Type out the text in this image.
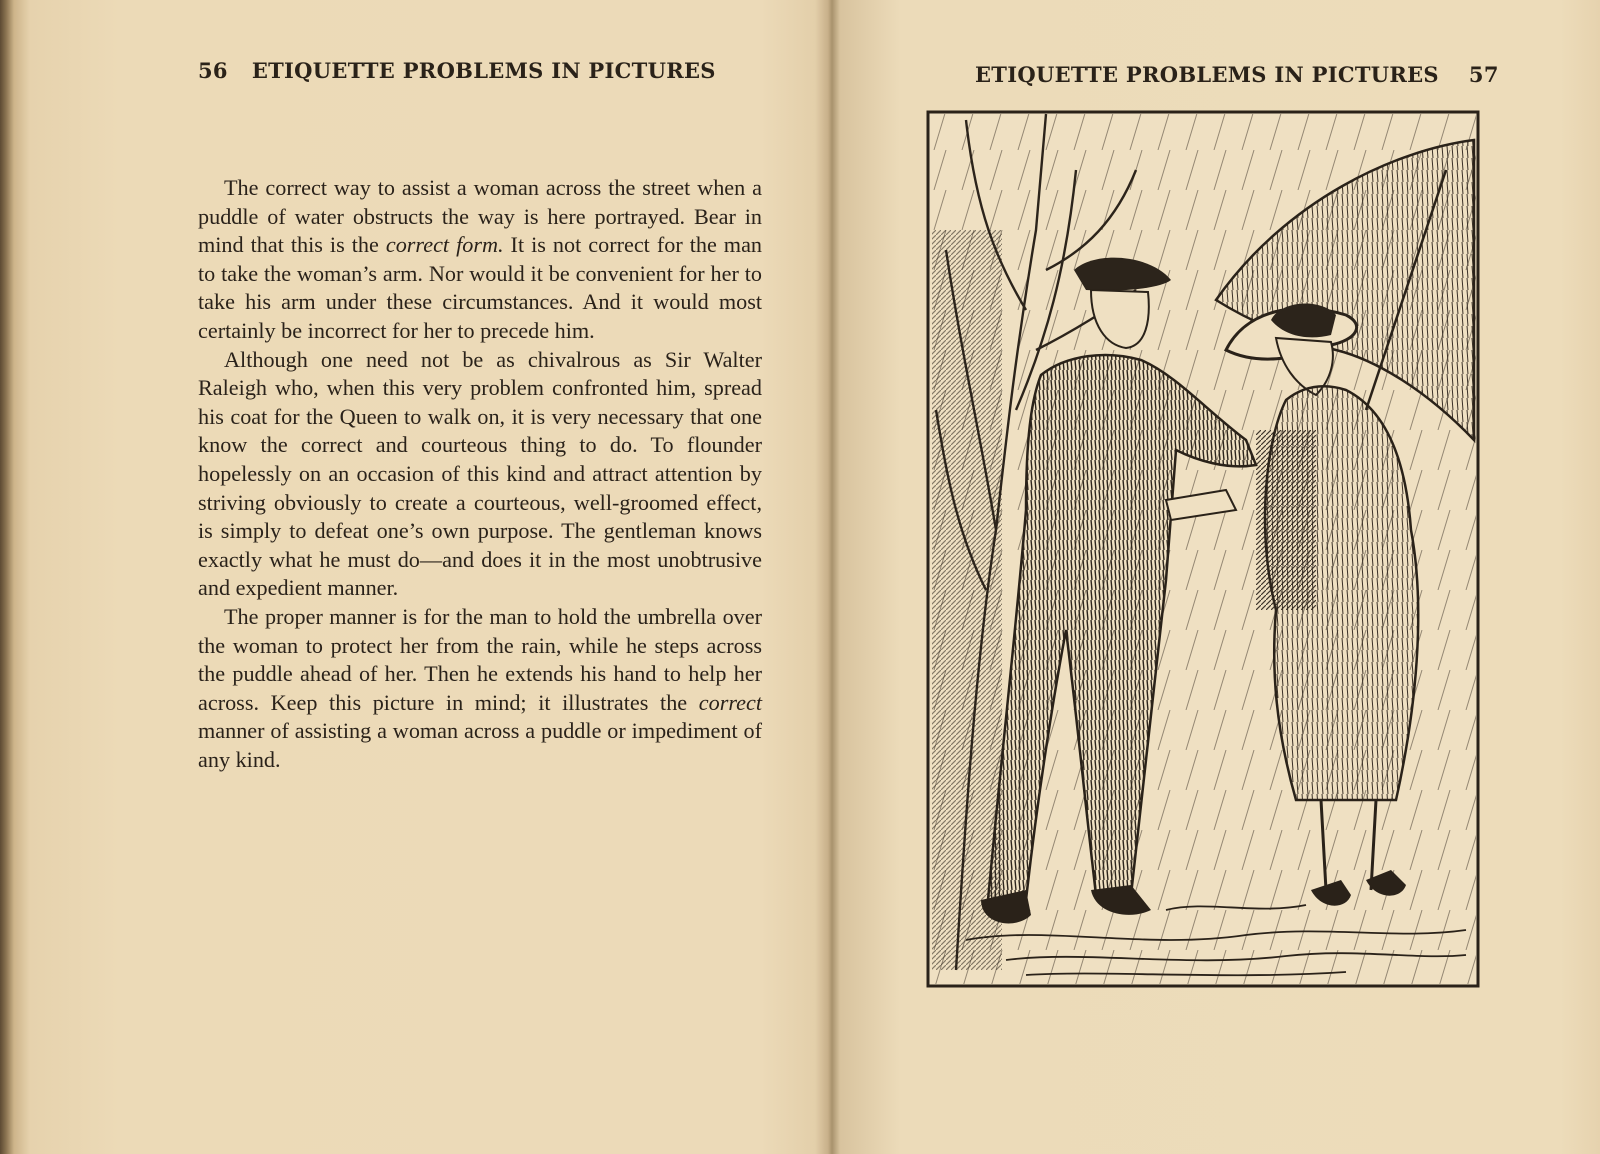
56 ETIQUETTE PROBLEMS IN PICTURES

The correct way to assist a woman across the street when a puddle of water obstructs the way is here portrayed. Bear in mind that this is the correct form. It is not correct for the man to take the woman’s arm. Nor would it be convenient for her to take his arm under these circumstances. And it would most certainly be incorrect for her to precede him.

Although one need not be as chivalrous as Sir Walter Raleigh who, when this very problem confronted him, spread his coat for the Queen to walk on, it is very necessary that one know the correct and courteous thing to do. To flounder hopelessly on an occasion of this kind and attract attention by striving obviously to create a courteous, well-groomed effect, is simply to defeat one’s own purpose. The gentleman knows exactly what he must do—and does it in the most unobtrusive and expedient manner.

The proper manner is for the man to hold the umbrella over the woman to protect her from the rain, while he steps across the puddle ahead of her. Then he extends his hand to help her across. Keep this picture in mind; it illustrates the correct manner of assisting a woman across a puddle or impediment of any kind.

ETIQUETTE PROBLEMS IN PICTURES 57
